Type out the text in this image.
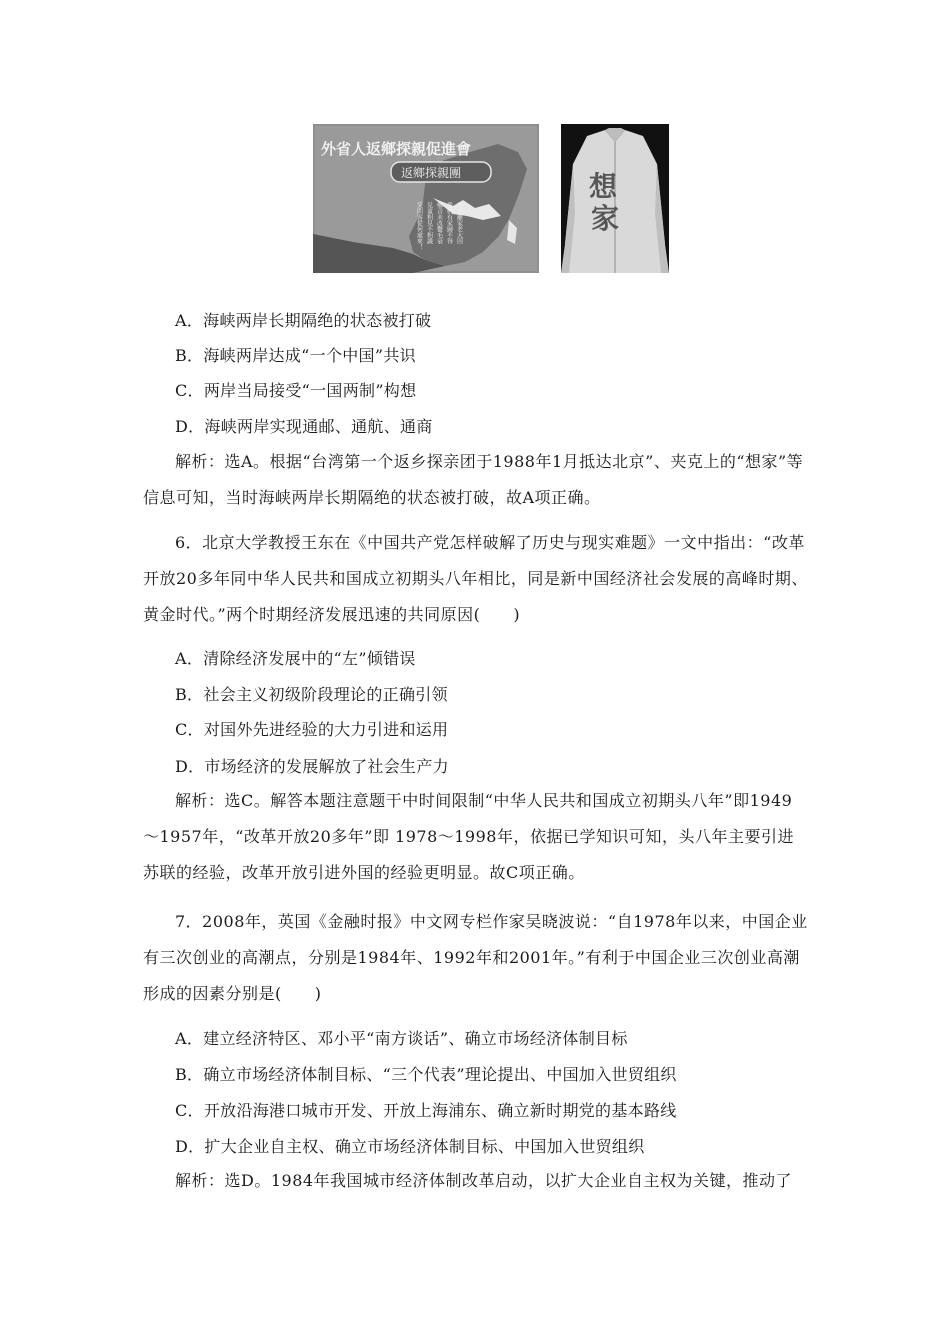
外省人返鄉探親促進會
返鄉探親團
沙小離家老大回
我們有家歸不得
鄉音未改鬢毛衰
兒童相見不相識
笑問客從何處來！
想
家
A．海峡两岸长期隔绝的状态被打破
B．海峡两岸达成“一个中国”共识
C．两岸当局接受“一国两制”构想
D．海峡两岸实现通邮、通航、通商
解析：选A。根据“台湾第一个返乡探亲团于1988年1月抵达北京”、夹克上的“想家”等信息可知，当时海峡两岸长期隔绝的状态被打破，故A项正确。
6．北京大学教授王东在《中国共产党怎样破解了历史与现实难题》一文中指出：“改革开放20多年同中华人民共和国成立初期头八年相比，同是新中国经济社会发展的高峰时期、黄金时代。”两个时期经济发展迅速的共同原因(　　)
A．清除经济发展中的“左”倾错误
B．社会主义初级阶段理论的正确引领
C．对国外先进经验的大力引进和运用
D．市场经济的发展解放了社会生产力
解析：选C。解答本题注意题干中时间限制“中华人民共和国成立初期头八年”即1949～1957年，“改革开放20多年”即 1978～1998年，依据已学知识可知，头八年主要引进苏联的经验，改革开放引进外国的经验更明显。故C项正确。
7．2008年，英国《金融时报》中文网专栏作家吴晓波说：“自1978年以来，中国企业有三次创业的高潮点，分别是1984年、1992年和2001年。”有利于中国企业三次创业高潮形成的因素分别是(　　)
A．建立经济特区、邓小平“南方谈话”、确立市场经济体制目标
B．确立市场经济体制目标、“三个代表”理论提出、中国加入世贸组织
C．开放沿海港口城市开发、开放上海浦东、确立新时期党的基本路线
D．扩大企业自主权、确立市场经济体制目标、中国加入世贸组织
解析：选D。1984年我国城市经济体制改革启动，以扩大企业自主权为关键，推动了
